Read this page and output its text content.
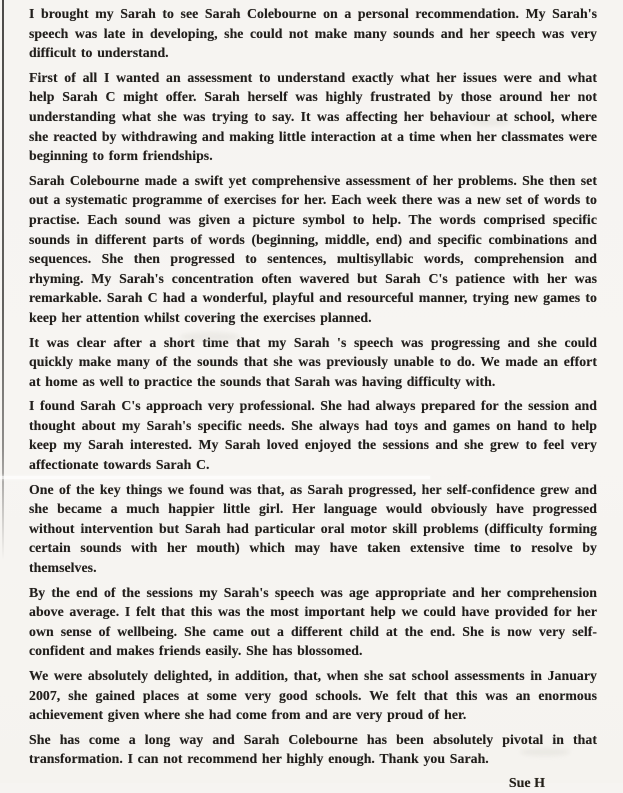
I brought my Sarah to see Sarah Colebourne on a personal recommendation. My Sarah's speech was late in developing, she could not make many sounds and her speech was very difficult to understand.

First of all I wanted an assessment to understand exactly what her issues were and what help Sarah C might offer. Sarah herself was highly frustrated by those around her not understanding what she was trying to say. It was affecting her behaviour at school, where she reacted by withdrawing and making little interaction at a time when her classmates were beginning to form friendships.

Sarah Colebourne made a swift yet comprehensive assessment of her problems. She then set out a systematic programme of exercises for her. Each week there was a new set of words to practise. Each sound was given a picture symbol to help. The words comprised specific sounds in different parts of words (beginning, middle, end) and specific combinations and sequences. She then progressed to sentences, multisyllabic words, comprehension and rhyming. My Sarah's concentration often wavered but Sarah C's patience with her was remarkable. Sarah C had a wonderful, playful and resourceful manner, trying new games to keep her attention whilst covering the exercises planned.

It was clear after a short time that my Sarah 's speech was progressing and she could quickly make many of the sounds that she was previously unable to do. We made an effort at home as well to practice the sounds that Sarah was having difficulty with.

I found Sarah C's approach very professional. She had always prepared for the session and thought about my Sarah's specific needs. She always had toys and games on hand to help keep my Sarah interested. My Sarah loved enjoyed the sessions and she grew to feel very affectionate towards Sarah C.

One of the key things we found was that, as Sarah progressed, her self-confidence grew and she became a much happier little girl. Her language would obviously have progressed without intervention but Sarah had particular oral motor skill problems (difficulty forming certain sounds with her mouth) which may have taken extensive time to resolve by themselves.

By the end of the sessions my Sarah's speech was age appropriate and her comprehension above average. I felt that this was the most important help we could have provided for her own sense of wellbeing. She came out a different child at the end. She is now very self-confident and makes friends easily. She has blossomed.

We were absolutely delighted, in addition, that, when she sat school assessments in January 2007, she gained places at some very good schools. We felt that this was an enormous achievement given where she had come from and are very proud of her.

She has come a long way and Sarah Colebourne has been absolutely pivotal in that transformation. I can not recommend her highly enough. Thank you Sarah.

Sue H
